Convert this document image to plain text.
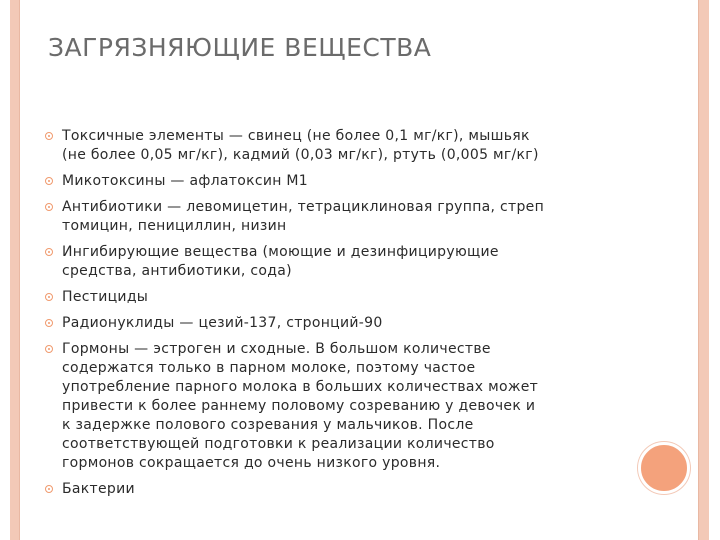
ЗАГРЯЗНЯЮЩИЕ ВЕЩЕСТВА
Токсичные элементы — свинец (не более 0,1 мг/кг), мышьяк
(не более 0,05 мг/кг), кадмий (0,03 мг/кг), ртуть (0,005 мг/кг)
Микотоксины — афлатоксин М1
Антибиотики — левомицетин, тетрациклиновая группа, стреп
томицин, пенициллин, низин
Ингибирующие вещества (моющие и дезинфицирующие
средства, антибиотики, сода)
Пестициды
Радионуклиды — цезий-137, стронций-90
Гормоны — эстроген и сходные. В большом количестве
содержатся только в парном молоке, поэтому частое
употребление парного молока в больших количествах может
привести к более раннему половому созреванию у девочек и
к задержке полового созревания у мальчиков. После
соответствующей подготовки к реализации количество
гормонов сокращается до очень низкого уровня.
Бактерии
